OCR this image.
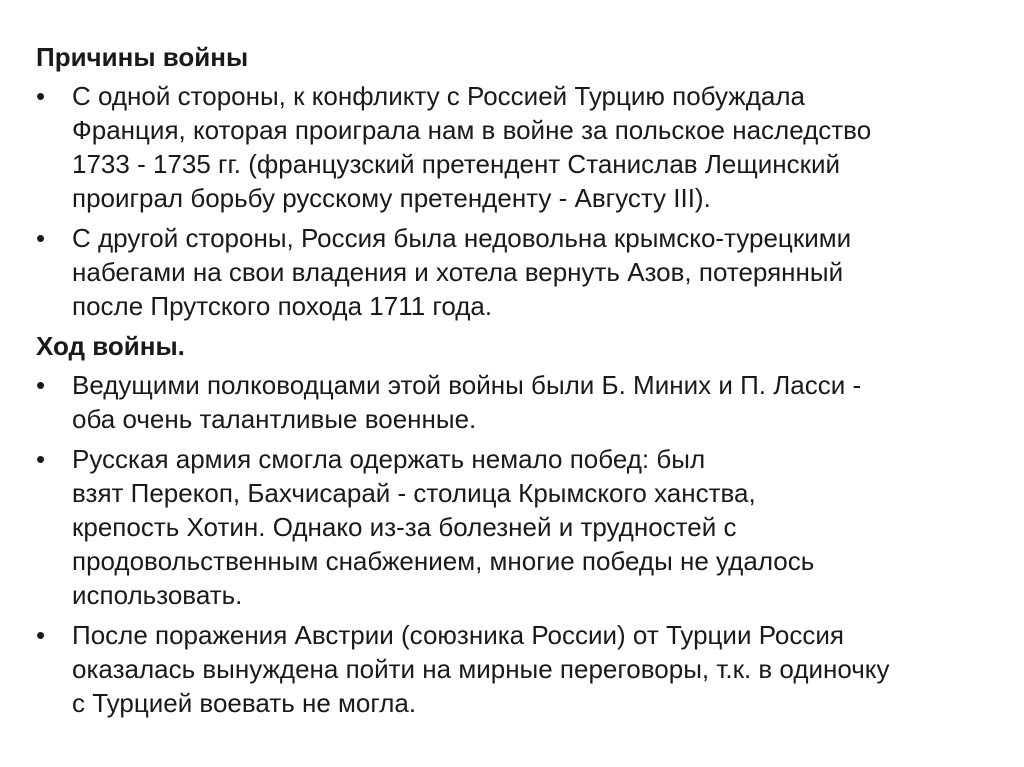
Причины войны
•	С одной стороны, к конфликту с Россией Турцию побуждала
Франция, которая проиграла нам в войне за польское наследство
1733 - 1735 гг. (французский претендент Станислав Лещинский
проиграл борьбу русскому претенденту - Августу III).
•	С другой стороны, Россия была недовольна крымско-турецкими
набегами на свои владения и хотела вернуть Азов, потерянный
после Прутского похода 1711 года.
Ход войны.
•	Ведущими полководцами этой войны были Б. Миних и П. Ласси -
оба очень талантливые военные.
•	Русская армия смогла одержать немало побед: был
взят Перекоп, Бахчисарай - столица Крымского ханства,
крепость Хотин. Однако из-за болезней и трудностей с
продовольственным снабжением, многие победы не удалось
использовать.
•	После поражения Австрии (союзника России) от Турции Россия
оказалась вынуждена пойти на мирные переговоры, т.к. в одиночку
с Турцией воевать не могла.
